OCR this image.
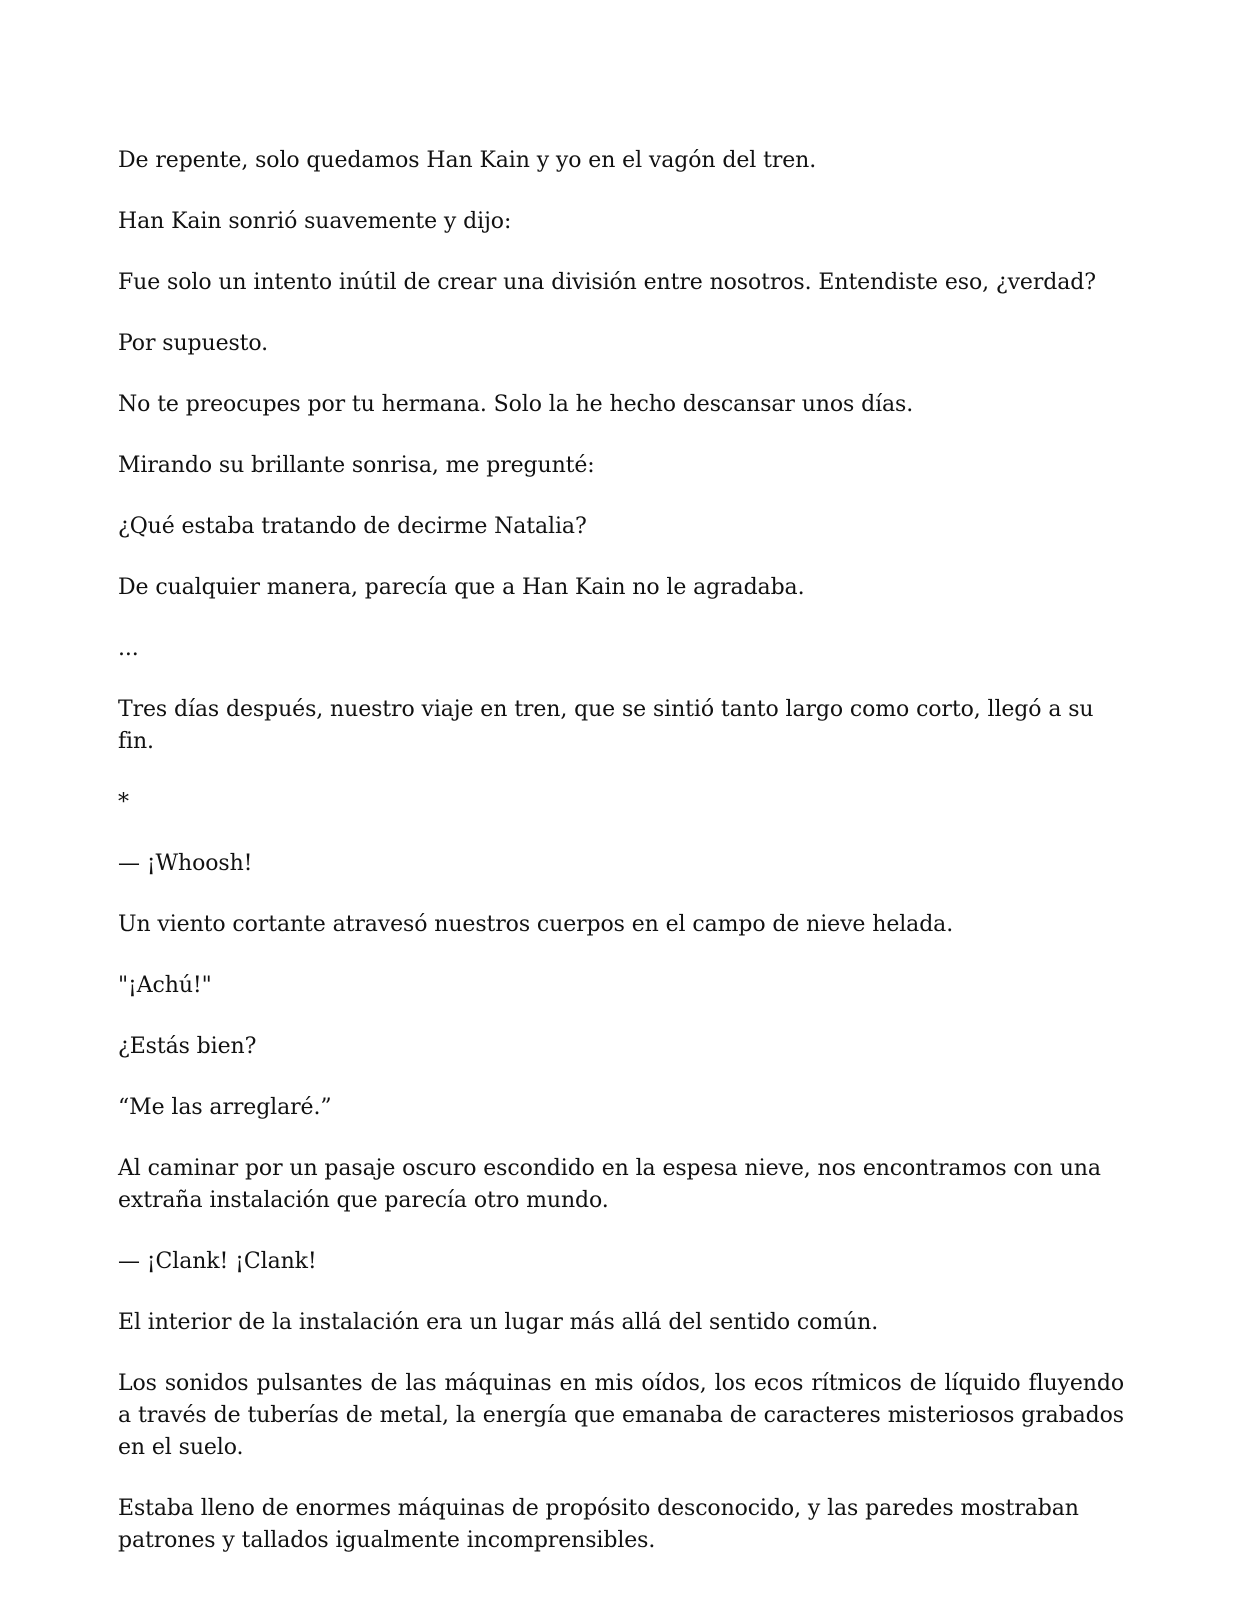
De repente, solo quedamos Han Kain y yo en el vagón del tren.

Han Kain sonrió suavemente y dijo:

Fue solo un intento inútil de crear una división entre nosotros. Entendiste eso, ¿verdad?

Por supuesto.

No te preocupes por tu hermana. Solo la he hecho descansar unos días.

Mirando su brillante sonrisa, me pregunté:

¿Qué estaba tratando de decirme Natalia?

De cualquier manera, parecía que a Han Kain no le agradaba.

...

Tres días después, nuestro viaje en tren, que se sintió tanto largo como corto, llegó a su fin.

*

— ¡Whoosh!

Un viento cortante atravesó nuestros cuerpos en el campo de nieve helada.

"¡Achú!"

¿Estás bien?

“Me las arreglaré.”

Al caminar por un pasaje oscuro escondido en la espesa nieve, nos encontramos con una extraña instalación que parecía otro mundo.

— ¡Clank! ¡Clank!

El interior de la instalación era un lugar más allá del sentido común.

Los sonidos pulsantes de las máquinas en mis oídos, los ecos rítmicos de líquido fluyendo a través de tuberías de metal, la energía que emanaba de caracteres misteriosos grabados en el suelo.

Estaba lleno de enormes máquinas de propósito desconocido, y las paredes mostraban patrones y tallados igualmente incomprensibles.
